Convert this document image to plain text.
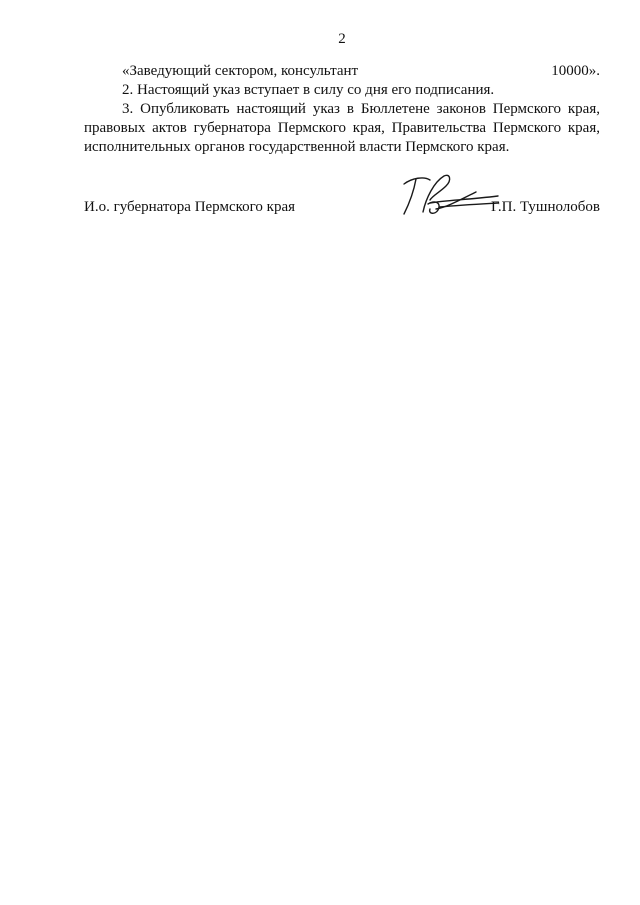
2
«Заведующий сектором, консультант	10000».
2. Настоящий указ вступает в силу со дня его подписания.
3. Опубликовать настоящий указ в Бюллетене законов Пермского края,
правовых актов губернатора Пермского края, Правительства Пермского края,
исполнительных органов государственной власти Пермского края.
И.о. губернатора Пермского края	Г.П. Тушнолобов
